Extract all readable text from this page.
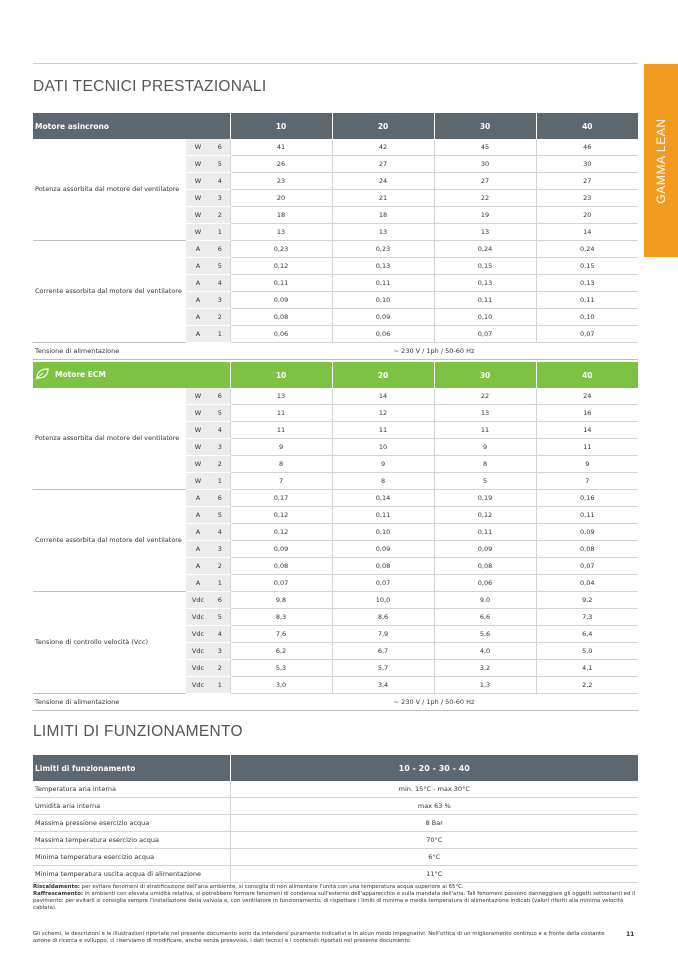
GAMMA LEAN
DATI TECNICI PRESTAZIONALI
Motore asincrono			10	20	30	40

Potenza assorbita dal motore del ventilatore	W	6	41	42	45	46
	W	5	26	27	30	30
	W	4	23	24	27	27
	W	3	20	21	22	23
	W	2	18	18	19	20
	W	1	13	13	13	14

Corrente assorbita dal motore del ventilatore	A	6	0,23	0,23	0,24	0,24
	A	5	0,12	0,13	0,15	0,15
	A	4	0,11	0,11	0,13	0,13
	A	3	0,09	0,10	0,11	0,11
	A	2	0,08	0,09	0,10	0,10
	A	1	0,06	0,06	0,07	0,07
Tensione di alimentazione			~ 230 V / 1ph / 50-60 Hz			
Motore ECM			10	20	30	40

Potenza assorbita dal motore del ventilatore	W	6	13	14	22	24
	W	5	11	12	13	16
	W	4	11	11	11	14
	W	3	9	10	9	11
	W	2	8	9	8	9
	W	1	7	8	5	7

Corrente assorbita dal motore del ventilatore	A	6	0,17	0,14	0,19	0,16
	A	5	0,12	0,11	0,12	0,11
	A	4	0,12	0,10	0,11	0,09
	A	3	0,09	0,09	0,09	0,08
	A	2	0,08	0,08	0,08	0,07
	A	1	0,07	0,07	0,06	0,04

Tensione di controllo velocità (Vcc)	Vdc	6	9,8	10,0	9,0	9,2
	Vdc	5	8,3	8,6	6,6	7,3
	Vdc	4	7,6	7,9	5,6	6,4
	Vdc	3	6,2	6,7	4,0	5,0
	Vdc	2	5,3	5,7	3,2	4,1
	Vdc	1	3,0	3,4	1,3	2,2
Tensione di alimentazione			~ 230 V / 1ph / 50-60 Hz			
LIMITI DI FUNZIONAMENTO
Limiti di funzionamento	10 - 20 - 30 - 40
Temperatura aria interna	min. 15°C - max 30°C
Umidità aria interna	max 63 %
Massima pressione esercizio acqua	8 Bar
Massima temperatura esercizio acqua	70°C
Minima temperatura esercizio acqua	6°C
Minima temperatura uscita acqua di alimentazione	11°C
Riscaldamento: per evitare fenomeni di stratificazione dell'aria ambiente, si consiglia di non alimentare l'unità con una temperatura acqua superiore ai 65°C.
Raffrescamento: in ambienti con elevata umidità relativa, si potrebbero formare fenomeni di condensa sull'esterno dell'apparecchio e sulla mandata dell'aria. Tali fenomeni possono danneggiare gli oggetti sottostanti ed il pavimento; per evitarli si consiglia sempre l'installazione della valvola e, con ventilatore in funzionamento, di rispettare i limiti di minima e media temperatura di alimentazione indicati (valori riferiti alla minima velocità cablata).
Gli schemi, le descrizioni e le illustrazioni riportate nel presente documento sono da intendersi puramente indicativi e in alcun modo impegnativi. Nell'ottica di un miglioramento continuo e a fronte della costante azione di ricerca e sviluppo, ci riserviamo di modificare, anche senza preavviso, i dati tecnici e i contenuti riportati nel presente documento.
11
